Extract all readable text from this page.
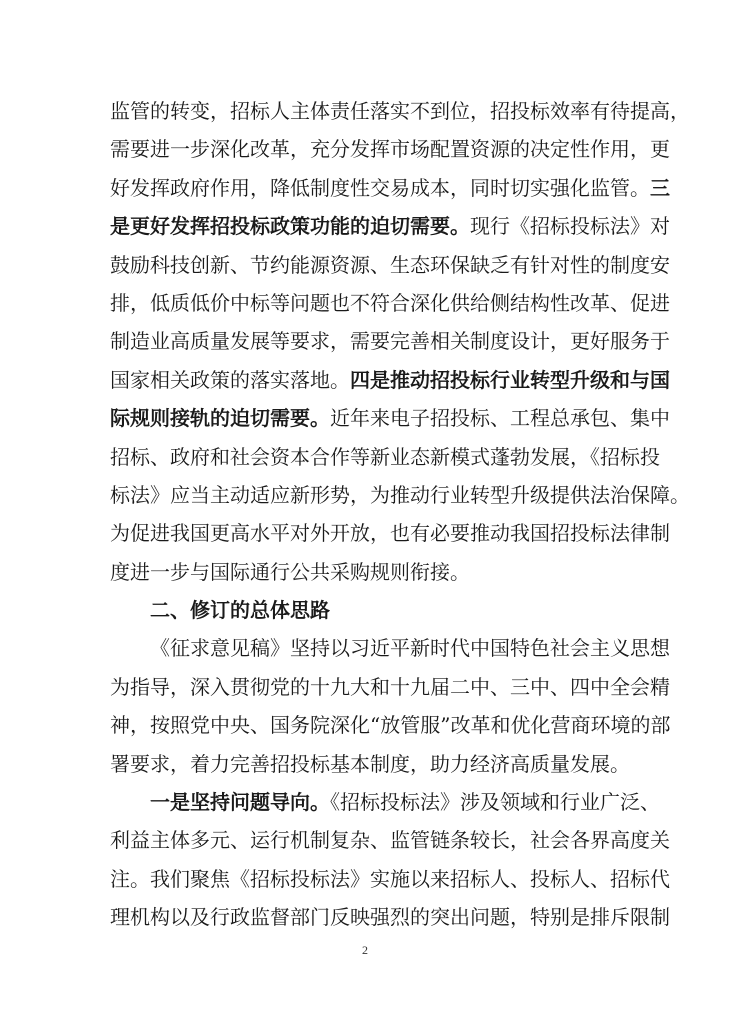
监管的转变，招标人主体责任落实不到位，招投标效率有待提高，
需要进一步深化改革，充分发挥市场配置资源的决定性作用，更
好发挥政府作用，降低制度性交易成本，同时切实强化监管。三
是更好发挥招投标政策功能的迫切需要。现行《招标投标法》对
鼓励科技创新、节约能源资源、生态环保缺乏有针对性的制度安
排，低质低价中标等问题也不符合深化供给侧结构性改革、促进
制造业高质量发展等要求，需要完善相关制度设计，更好服务于
国家相关政策的落实落地。四是推动招投标行业转型升级和与国
际规则接轨的迫切需要。近年来电子招投标、工程总承包、集中
招标、政府和社会资本合作等新业态新模式蓬勃发展，《招标投
标法》应当主动适应新形势，为推动行业转型升级提供法治保障。
为促进我国更高水平对外开放，也有必要推动我国招投标法律制
度进一步与国际通行公共采购规则衔接。
二、修订的总体思路
《征求意见稿》坚持以习近平新时代中国特色社会主义思想
为指导，深入贯彻党的十九大和十九届二中、三中、四中全会精
神，按照党中央、国务院深化“放管服”改革和优化营商环境的部
署要求，着力完善招投标基本制度，助力经济高质量发展。
一是坚持问题导向。《招标投标法》涉及领域和行业广泛、
利益主体多元、运行机制复杂、监管链条较长，社会各界高度关
注。我们聚焦《招标投标法》实施以来招标人、投标人、招标代
理机构以及行政监督部门反映强烈的突出问题，特别是排斥限制
2
